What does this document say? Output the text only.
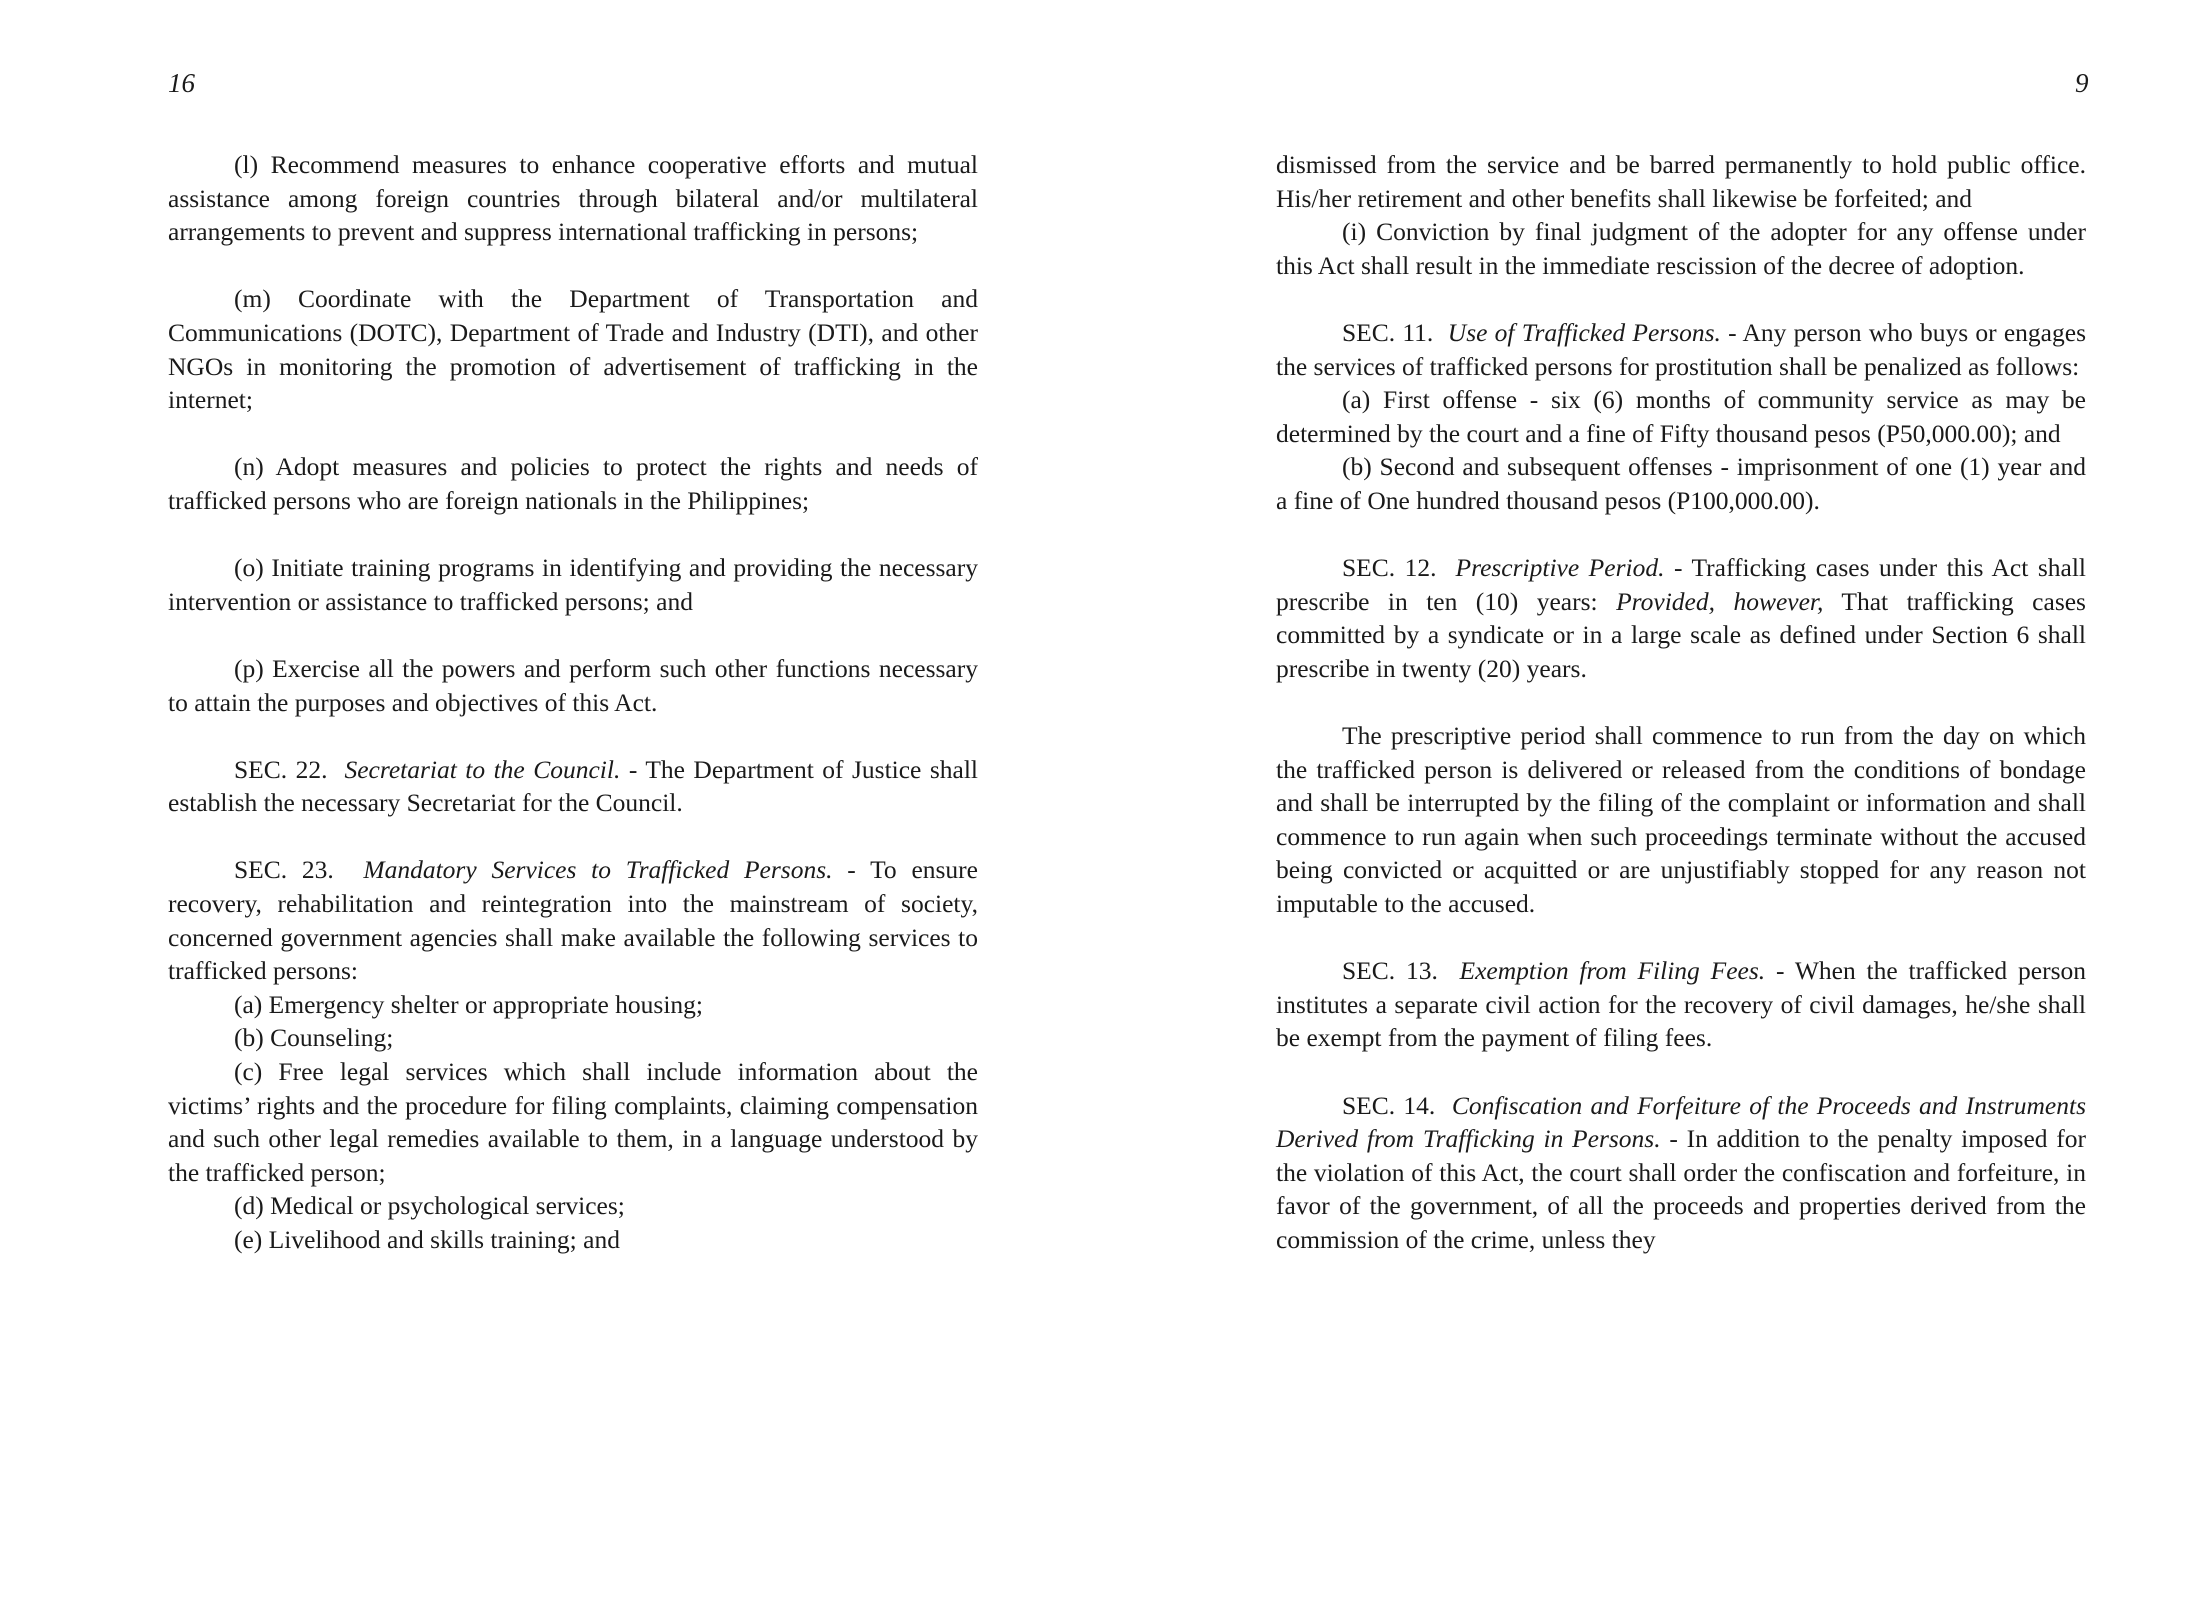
16

(l) Recommend measures to enhance cooperative efforts and mutual assistance among foreign countries through bilateral and/or multilateral arrangements to prevent and suppress international trafficking in persons;

(m) Coordinate with the Department of Transportation and Communications (DOTC), Department of Trade and Industry (DTI), and other NGOs in monitoring the promotion of advertisement of trafficking in the internet;

(n) Adopt measures and policies to protect the rights and needs of trafficked persons who are foreign nationals in the Philippines;

(o) Initiate training programs in identifying and providing the necessary intervention or assistance to trafficked persons; and

(p) Exercise all the powers and perform such other functions necessary to attain the purposes and objectives of this Act.

SEC. 22. Secretariat to the Council. - The Department of Justice shall establish the necessary Secretariat for the Council.

SEC. 23. Mandatory Services to Trafficked Persons. - To ensure recovery, rehabilitation and reintegration into the mainstream of society, concerned government agencies shall make available the following services to trafficked persons:

(a) Emergency shelter or appropriate housing;

(b) Counseling;

(c) Free legal services which shall include information about the victims’ rights and the procedure for filing complaints, claiming compensation and such other legal remedies available to them, in a language understood by the trafficked person;

(d) Medical or psychological services;

(e) Livelihood and skills training; and

9

dismissed from the service and be barred permanently to hold public office. His/her retirement and other benefits shall likewise be forfeited; and

(i) Conviction by final judgment of the adopter for any offense under this Act shall result in the immediate rescission of the decree of adoption.

SEC. 11. Use of Trafficked Persons. - Any person who buys or engages the services of trafficked persons for prostitution shall be penalized as follows:

(a) First offense - six (6) months of community service as may be determined by the court and a fine of Fifty thousand pesos (P50,000.00); and

(b) Second and subsequent offenses - imprisonment of one (1) year and a fine of One hundred thousand pesos (P100,000.00).

SEC. 12. Prescriptive Period. - Trafficking cases under this Act shall prescribe in ten (10) years: Provided, however, That trafficking cases committed by a syndicate or in a large scale as defined under Section 6 shall prescribe in twenty (20) years.

The prescriptive period shall commence to run from the day on which the trafficked person is delivered or released from the conditions of bondage and shall be interrupted by the filing of the complaint or information and shall commence to run again when such proceedings terminate without the accused being convicted or acquitted or are unjustifiably stopped for any reason not imputable to the accused.

SEC. 13. Exemption from Filing Fees. - When the trafficked person institutes a separate civil action for the recovery of civil damages, he/she shall be exempt from the payment of filing fees.

SEC. 14. Confiscation and Forfeiture of the Proceeds and Instruments Derived from Trafficking in Persons. - In addition to the penalty imposed for the violation of this Act, the court shall order the confiscation and forfeiture, in favor of the government, of all the proceeds and properties derived from the commission of the crime, unless they
